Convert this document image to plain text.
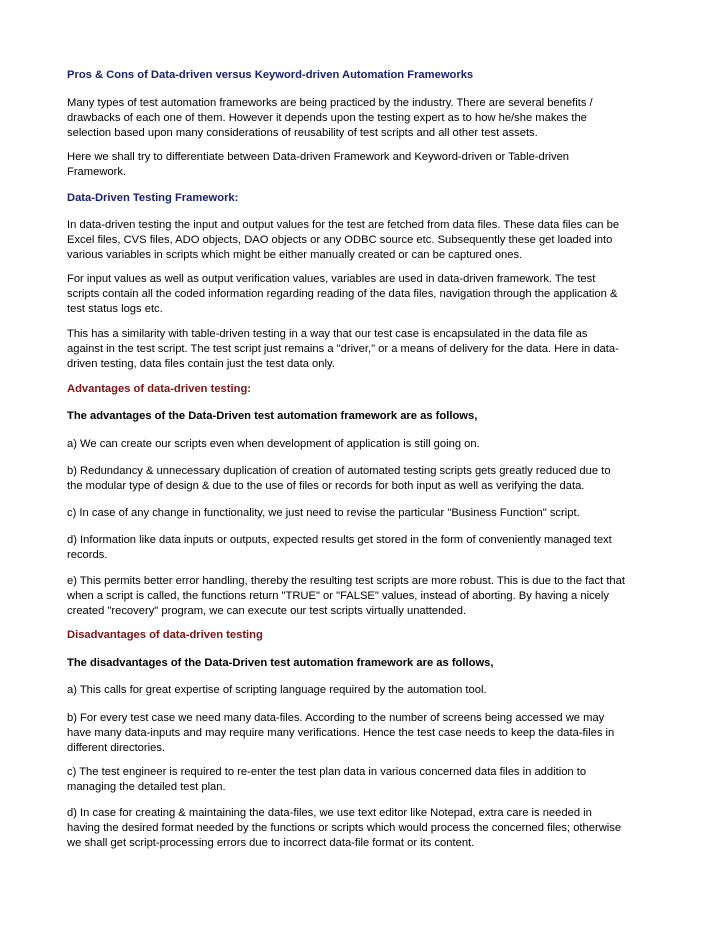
Pros & Cons of Data-driven versus Keyword-driven Automation Frameworks
Many types of test automation frameworks are being practiced by the industry. There are several benefits /
drawbacks of each one of them. However it depends upon the testing expert as to how he/she makes the
selection based upon many considerations of reusability of test scripts and all other test assets.
Here we shall try to differentiate between Data-driven Framework and Keyword-driven or Table-driven
Framework.
Data-Driven Testing Framework:
In data-driven testing the input and output values for the test are fetched from data files. These data files can be
Excel files, CVS files, ADO objects, DAO objects or any ODBC source etc. Subsequently these get loaded into
various variables in scripts which might be either manually created or can be captured ones.
For input values as well as output verification values, variables are used in data-driven framework. The test
scripts contain all the coded information regarding reading of the data files, navigation through the application &
test status logs etc.
This has a similarity with table-driven testing in a way that our test case is encapsulated in the data file as
against in the test script. The test script just remains a "driver," or a means of delivery for the data. Here in data-
driven testing, data files contain just the test data only.
Advantages of data-driven testing:
The advantages of the Data-Driven test automation framework are as follows,
a) We can create our scripts even when development of application is still going on.
b) Redundancy & unnecessary duplication of creation of automated testing scripts gets greatly reduced due to
the modular type of design & due to the use of files or records for both input as well as verifying the data.
c) In case of any change in functionality, we just need to revise the particular "Business Function" script.
d) Information like data inputs or outputs, expected results get stored in the form of conveniently managed text
records.
e) This permits better error handling, thereby the resulting test scripts are more robust. This is due to the fact that
when a script is called, the functions return "TRUE" or "FALSE" values, instead of aborting. By having a nicely
created "recovery" program, we can execute our test scripts virtually unattended.
Disadvantages of data-driven testing
The disadvantages of the Data-Driven test automation framework are as follows,
a) This calls for great expertise of scripting language required by the automation tool.
b) For every test case we need many data-files. According to the number of screens being accessed we may
have many data-inputs and may require many verifications. Hence the test case needs to keep the data-files in
different directories.
c) The test engineer is required to re-enter the test plan data in various concerned data files in addition to
managing the detailed test plan.
d) In case for creating & maintaining the data-files, we use text editor like Notepad, extra care is needed in
having the desired format needed by the functions or scripts which would process the concerned files; otherwise
we shall get script-processing errors due to incorrect data-file format or its content.
